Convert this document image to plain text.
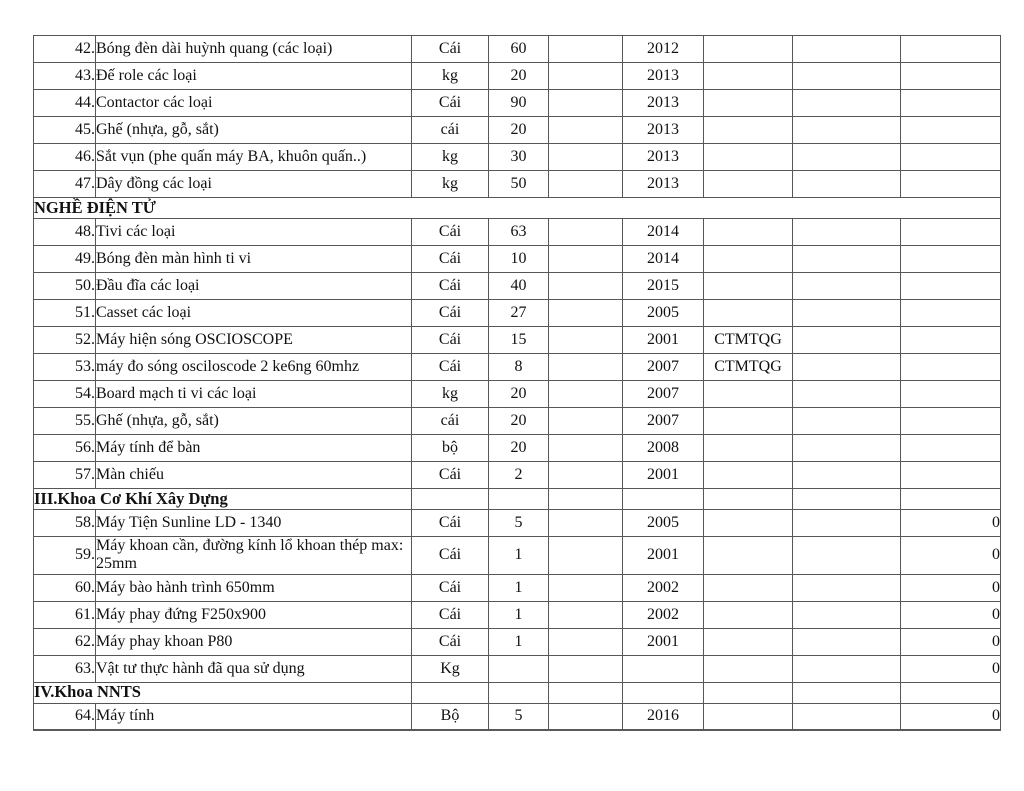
42.	Bóng đèn dài huỳnh quang (các loại)	Cái	60		2012			
43.	Đế role các loại	kg	20		2013			
44.	Contactor các loại	Cái	90		2013			
45.	Ghế (nhựa, gỗ, sắt)	cái	20		2013			
46.	Sắt vụn (phe quấn máy BA, khuôn quấn..)	kg	30		2013			
47.	Dây đồng các loại	kg	50		2013			
NGHỀ ĐIỆN TỬ								
48.	Tivi các loại	Cái	63		2014			
49.	Bóng đèn màn hình ti vi	Cái	10		2014			
50.	Đầu đĩa các loại	Cái	40		2015			
51.	Casset các loại	Cái	27		2005			
52.	Máy hiện sóng OSCIOSCOPE	Cái	15		2001	CTMTQG		
53.	máy đo sóng osciloscode 2 ke6ng 60mhz	Cái	8		2007	CTMTQG		
54.	Board mạch ti vi các loại	kg	20		2007			
55.	Ghế (nhựa, gỗ, sắt)	cái	20		2007			
56.	Máy tính để bàn	bộ	20		2008			
57.	Màn chiếu	Cái	2		2001			
III.Khoa Cơ Khí Xây Dựng								
58.	Máy Tiện Sunline LD - 1340	Cái	5		2005			0
59.	Máy khoan cần, đường kính lổ khoan thép max: 25mm	Cái	1		2001			0
60.	Máy bào hành trình 650mm	Cái	1		2002			0
61.	Máy phay đứng F250x900	Cái	1		2002			0
62.	Máy phay khoan P80	Cái	1		2001			0
63.	Vật tư thực hành đã qua sử dụng	Kg						0
IV.Khoa NNTS								
64.	Máy tính	Bộ	5		2016			0
